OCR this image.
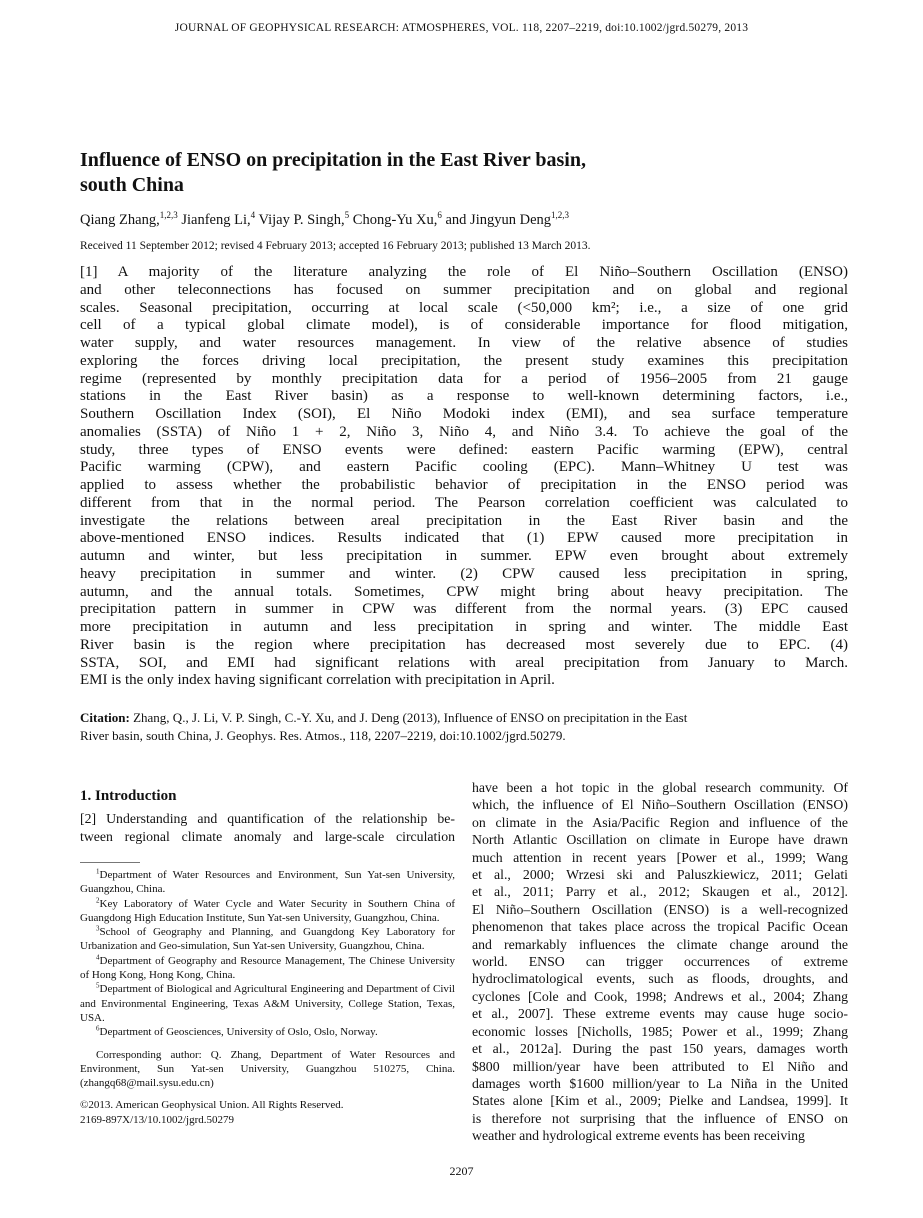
JOURNAL OF GEOPHYSICAL RESEARCH: ATMOSPHERES, VOL. 118, 2207–2219, doi:10.1002/jgrd.50279, 2013
Influence of ENSO on precipitation in the East River basin,
south China
Qiang Zhang,$^{1,2,3}$ Jianfeng Li,$^4$ Vijay P. Singh,$^5$ Chong-Yu Xu,$^6$ and Jingyun Deng$^{1,2,3}$
Received 11 September 2012; revised 4 February 2013; accepted 16 February 2013; published 13 March 2013.
[1] A majority of the literature analyzing the role of El Niño–Southern Oscillation (ENSO)
and other teleconnections has focused on summer precipitation and on global and regional
scales. Seasonal precipitation, occurring at local scale (<50,000 km²; i.e., a size of one grid
cell of a typical global climate model), is of considerable importance for flood mitigation,
water supply, and water resources management. In view of the relative absence of studies
exploring the forces driving local precipitation, the present study examines this precipitation
regime (represented by monthly precipitation data for a period of 1956–2005 from 21 gauge
stations in the East River basin) as a response to well-known determining factors, i.e.,
Southern Oscillation Index (SOI), El Niño Modoki index (EMI), and sea surface temperature
anomalies (SSTA) of Niño 1 + 2, Niño 3, Niño 4, and Niño 3.4. To achieve the goal of the
study, three types of ENSO events were defined: eastern Pacific warming (EPW), central
Pacific warming (CPW), and eastern Pacific cooling (EPC). Mann–Whitney U test was
applied to assess whether the probabilistic behavior of precipitation in the ENSO period was
different from that in the normal period. The Pearson correlation coefficient was calculated to
investigate the relations between areal precipitation in the East River basin and the
above-mentioned ENSO indices. Results indicated that (1) EPW caused more precipitation in
autumn and winter, but less precipitation in summer. EPW even brought about extremely
heavy precipitation in summer and winter. (2) CPW caused less precipitation in spring,
autumn, and the annual totals. Sometimes, CPW might bring about heavy precipitation. The
precipitation pattern in summer in CPW was different from the normal years. (3) EPC caused
more precipitation in autumn and less precipitation in spring and winter. The middle East
River basin is the region where precipitation has decreased most severely due to EPC. (4)
SSTA, SOI, and EMI had significant relations with areal precipitation from January to March.
EMI is the only index having significant correlation with precipitation in April.
Citation: Zhang, Q., J. Li, V. P. Singh, C.-Y. Xu, and J. Deng (2013), Influence of ENSO on precipitation in the East
River basin, south China, J. Geophys. Res. Atmos., 118, 2207–2219, doi:10.1002/jgrd.50279.
1. Introduction
[2] Understanding and quantification of the relationship be-
tween regional climate anomaly and large-scale circulation

$^1$Department of Water Resources and Environment, Sun Yat-sen University, Guangzhou, China.

$^2$Key Laboratory of Water Cycle and Water Security in Southern China of Guangdong High Education Institute, Sun Yat-sen University, Guangzhou, China.

$^3$School of Geography and Planning, and Guangdong Key Laboratory for Urbanization and Geo-simulation, Sun Yat-sen University, Guangzhou, China.

$^4$Department of Geography and Resource Management, The Chinese University of Hong Kong, Hong Kong, China.

$^5$Department of Biological and Agricultural Engineering and Department of Civil and Environmental Engineering, Texas A&M University, College Station, Texas, USA.

$^6$Department of Geosciences, University of Oslo, Oslo, Norway.

Corresponding author: Q. Zhang, Department of Water Resources and Environment, Sun Yat-sen University, Guangzhou 510275, China. (zhangq68@mail.sysu.edu.cn)
©2013. American Geophysical Union. All Rights Reserved.
2169-897X/13/10.1002/jgrd.50279
have been a hot topic in the global research community. Of
which, the influence of El Niño–Southern Oscillation (ENSO)
on climate in the Asia/Pacific Region and influence of the
North Atlantic Oscillation on climate in Europe have drawn
much attention in recent years [Power et al., 1999; Wang
et al., 2000; Wrzesi ski and Paluszkiewicz, 2011; Gelati
et al., 2011; Parry et al., 2012; Skaugen et al., 2012].
El Niño–Southern Oscillation (ENSO) is a well-recognized
phenomenon that takes place across the tropical Pacific Ocean
and remarkably influences the climate change around the
world. ENSO can trigger occurrences of extreme
hydroclimatological events, such as floods, droughts, and
cyclones [Cole and Cook, 1998; Andrews et al., 2004; Zhang
et al., 2007]. These extreme events may cause huge socio-
economic losses [Nicholls, 1985; Power et al., 1999; Zhang
et al., 2012a]. During the past 150 years, damages worth
$800 million/year have been attributed to El Niño and
damages worth $1600 million/year to La Niña in the United
States alone [Kim et al., 2009; Pielke and Landsea, 1999]. It
is therefore not surprising that the influence of ENSO on
weather and hydrological extreme events has been receiving
2207
